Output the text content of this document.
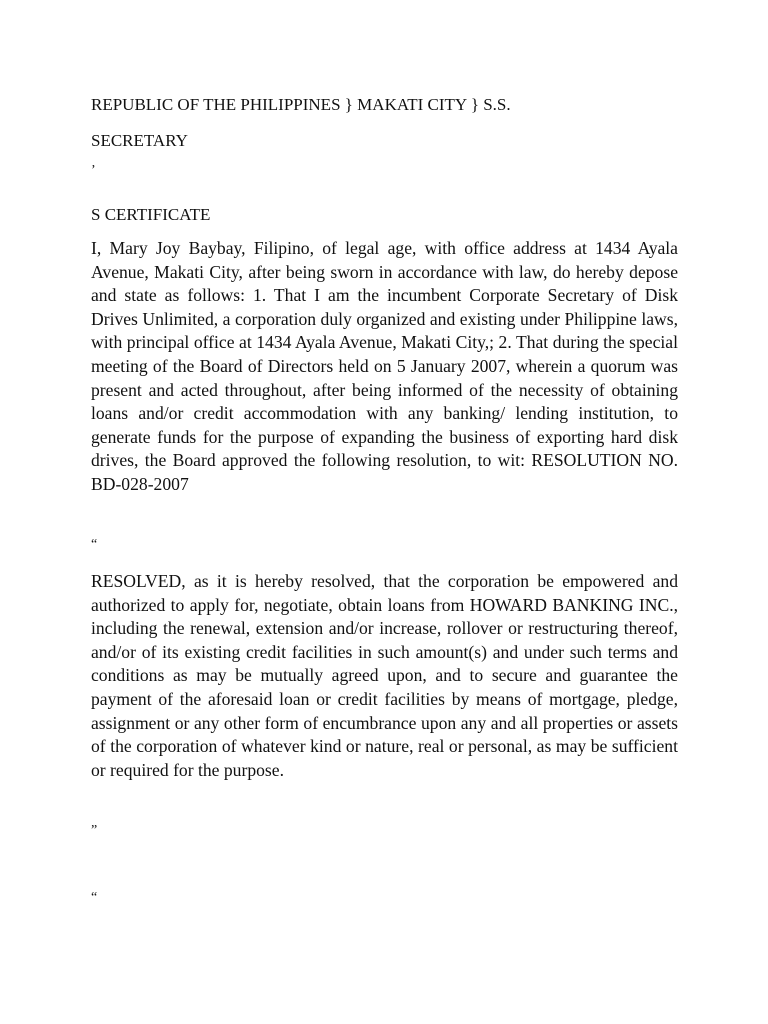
REPUBLIC OF THE PHILIPPINES } MAKATI CITY } S.S.
SECRETARY
’
S CERTIFICATE
I, Mary Joy Baybay, Filipino, of legal age, with office address at 1434 Ayala Avenue, Makati City, after being sworn in accordance with law, do hereby depose and state as follows: 1. That I am the incumbent Corporate Secretary of Disk Drives Unlimited, a corporation duly organized and existing under Philippine laws, with principal office at 1434 Ayala Avenue, Makati City,; 2. That during the special meeting of the Board of Directors held on 5 January 2007, wherein a quorum was present and acted throughout, after being informed of the necessity of obtaining loans and/or credit accommodation with any banking/ lending institution, to generate funds for the purpose of expanding the business of exporting hard disk drives, the Board approved the following resolution, to wit: RESOLUTION NO. BD-028-2007
“
RESOLVED, as it is hereby resolved, that the corporation be empowered and authorized to apply for, negotiate, obtain loans from HOWARD BANKING INC., including the renewal, extension and/or increase, rollover or restructuring thereof, and/or of its existing credit facilities in such amount(s) and under such terms and conditions as may be mutually agreed upon, and to secure and guarantee the payment of the aforesaid loan or credit facilities by means of mortgage, pledge, assignment or any other form of encumbrance upon any and all properties or assets of the corporation of whatever kind or nature, real or personal, as may be sufficient or required for the purpose.
”
“
